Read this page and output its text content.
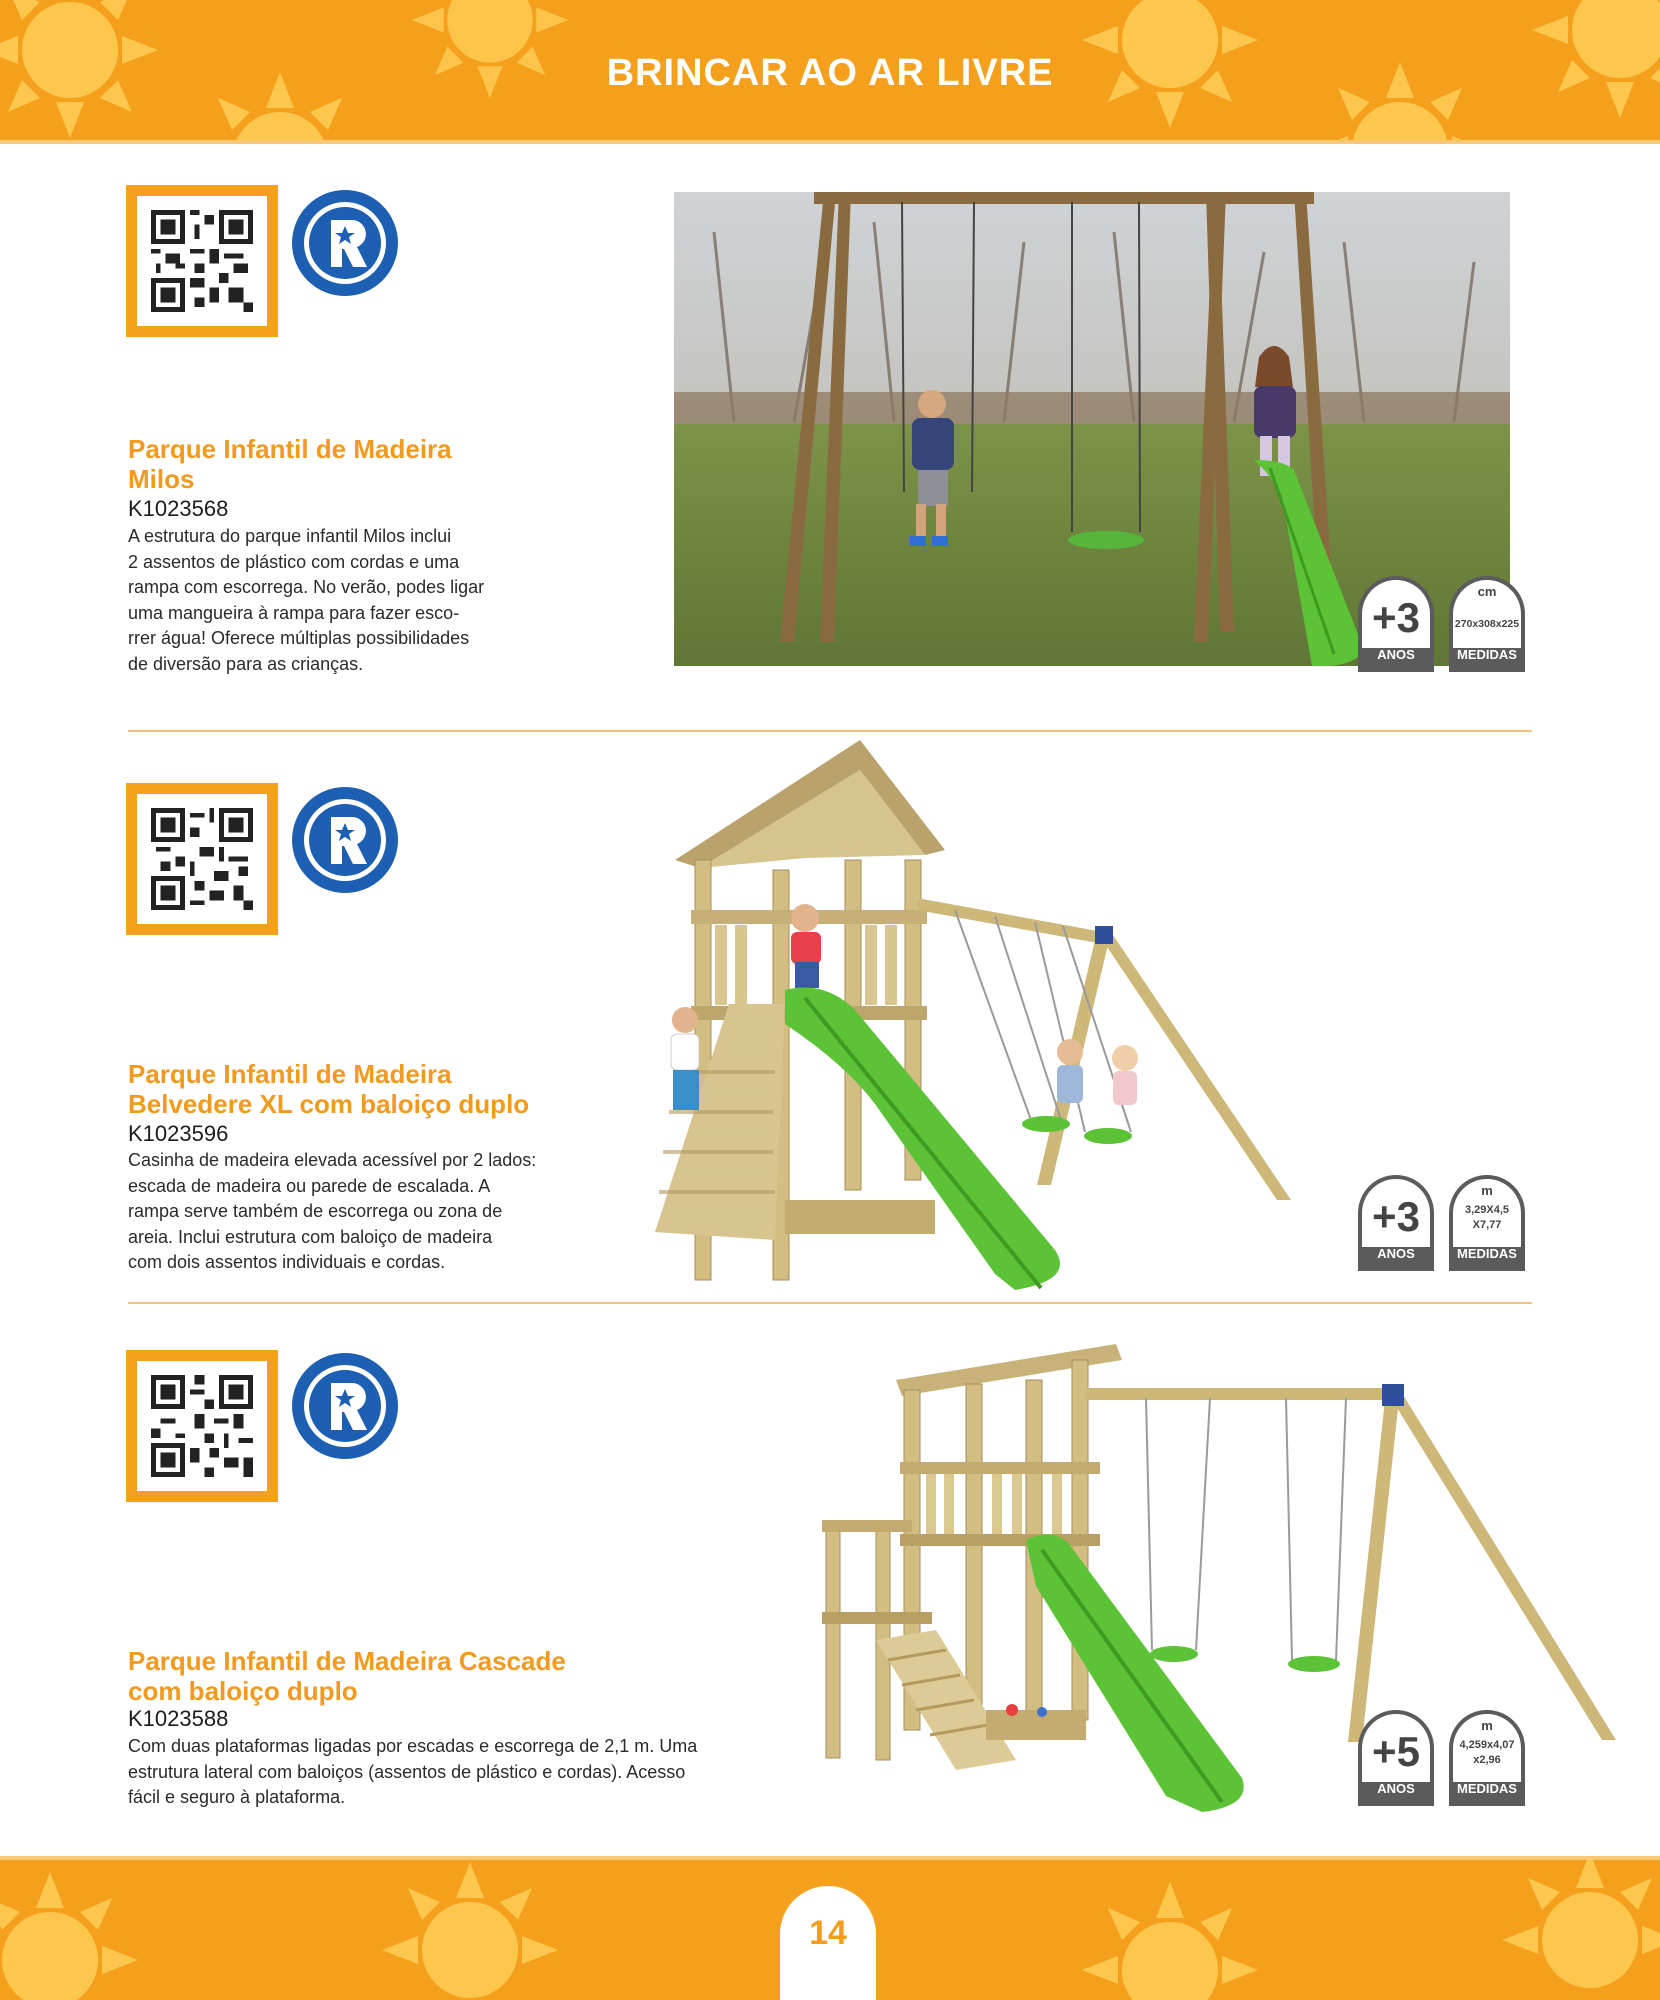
BRINCAR AO AR LIVRE
Parque Infantil de Madeira
Milos
K1023568
A estrutura do parque infantil Milos inclui
2 assentos de plástico com cordas e uma
rampa com escorrega. No verão, podes ligar
uma mangueira à rampa para fazer esco-
rrer água! Oferece múltiplas possibilidades
de diversão para as crianças.
+3
ANOS
cm
270x308x225
MEDIDAS
Parque Infantil de Madeira
Belvedere XL com baloiço duplo
K1023596
Casinha de madeira elevada acessível por 2 lados:
escada de madeira ou parede de escalada. A
rampa serve também de escorrega ou zona de
areia. Inclui estrutura com baloiço de madeira
com dois assentos individuais e cordas.
+3
ANOS
m
3,29X4,5
X7,77
MEDIDAS
Parque Infantil de Madeira Cascade
com baloiço duplo
K1023588
Com duas plataformas ligadas por escadas e escorrega de 2,1 m. Uma
estrutura lateral com baloiços (assentos de plástico e cordas). Acesso
fácil e seguro à plataforma.
+5
ANOS
m
4,259x4,07
x2,96
MEDIDAS
14
